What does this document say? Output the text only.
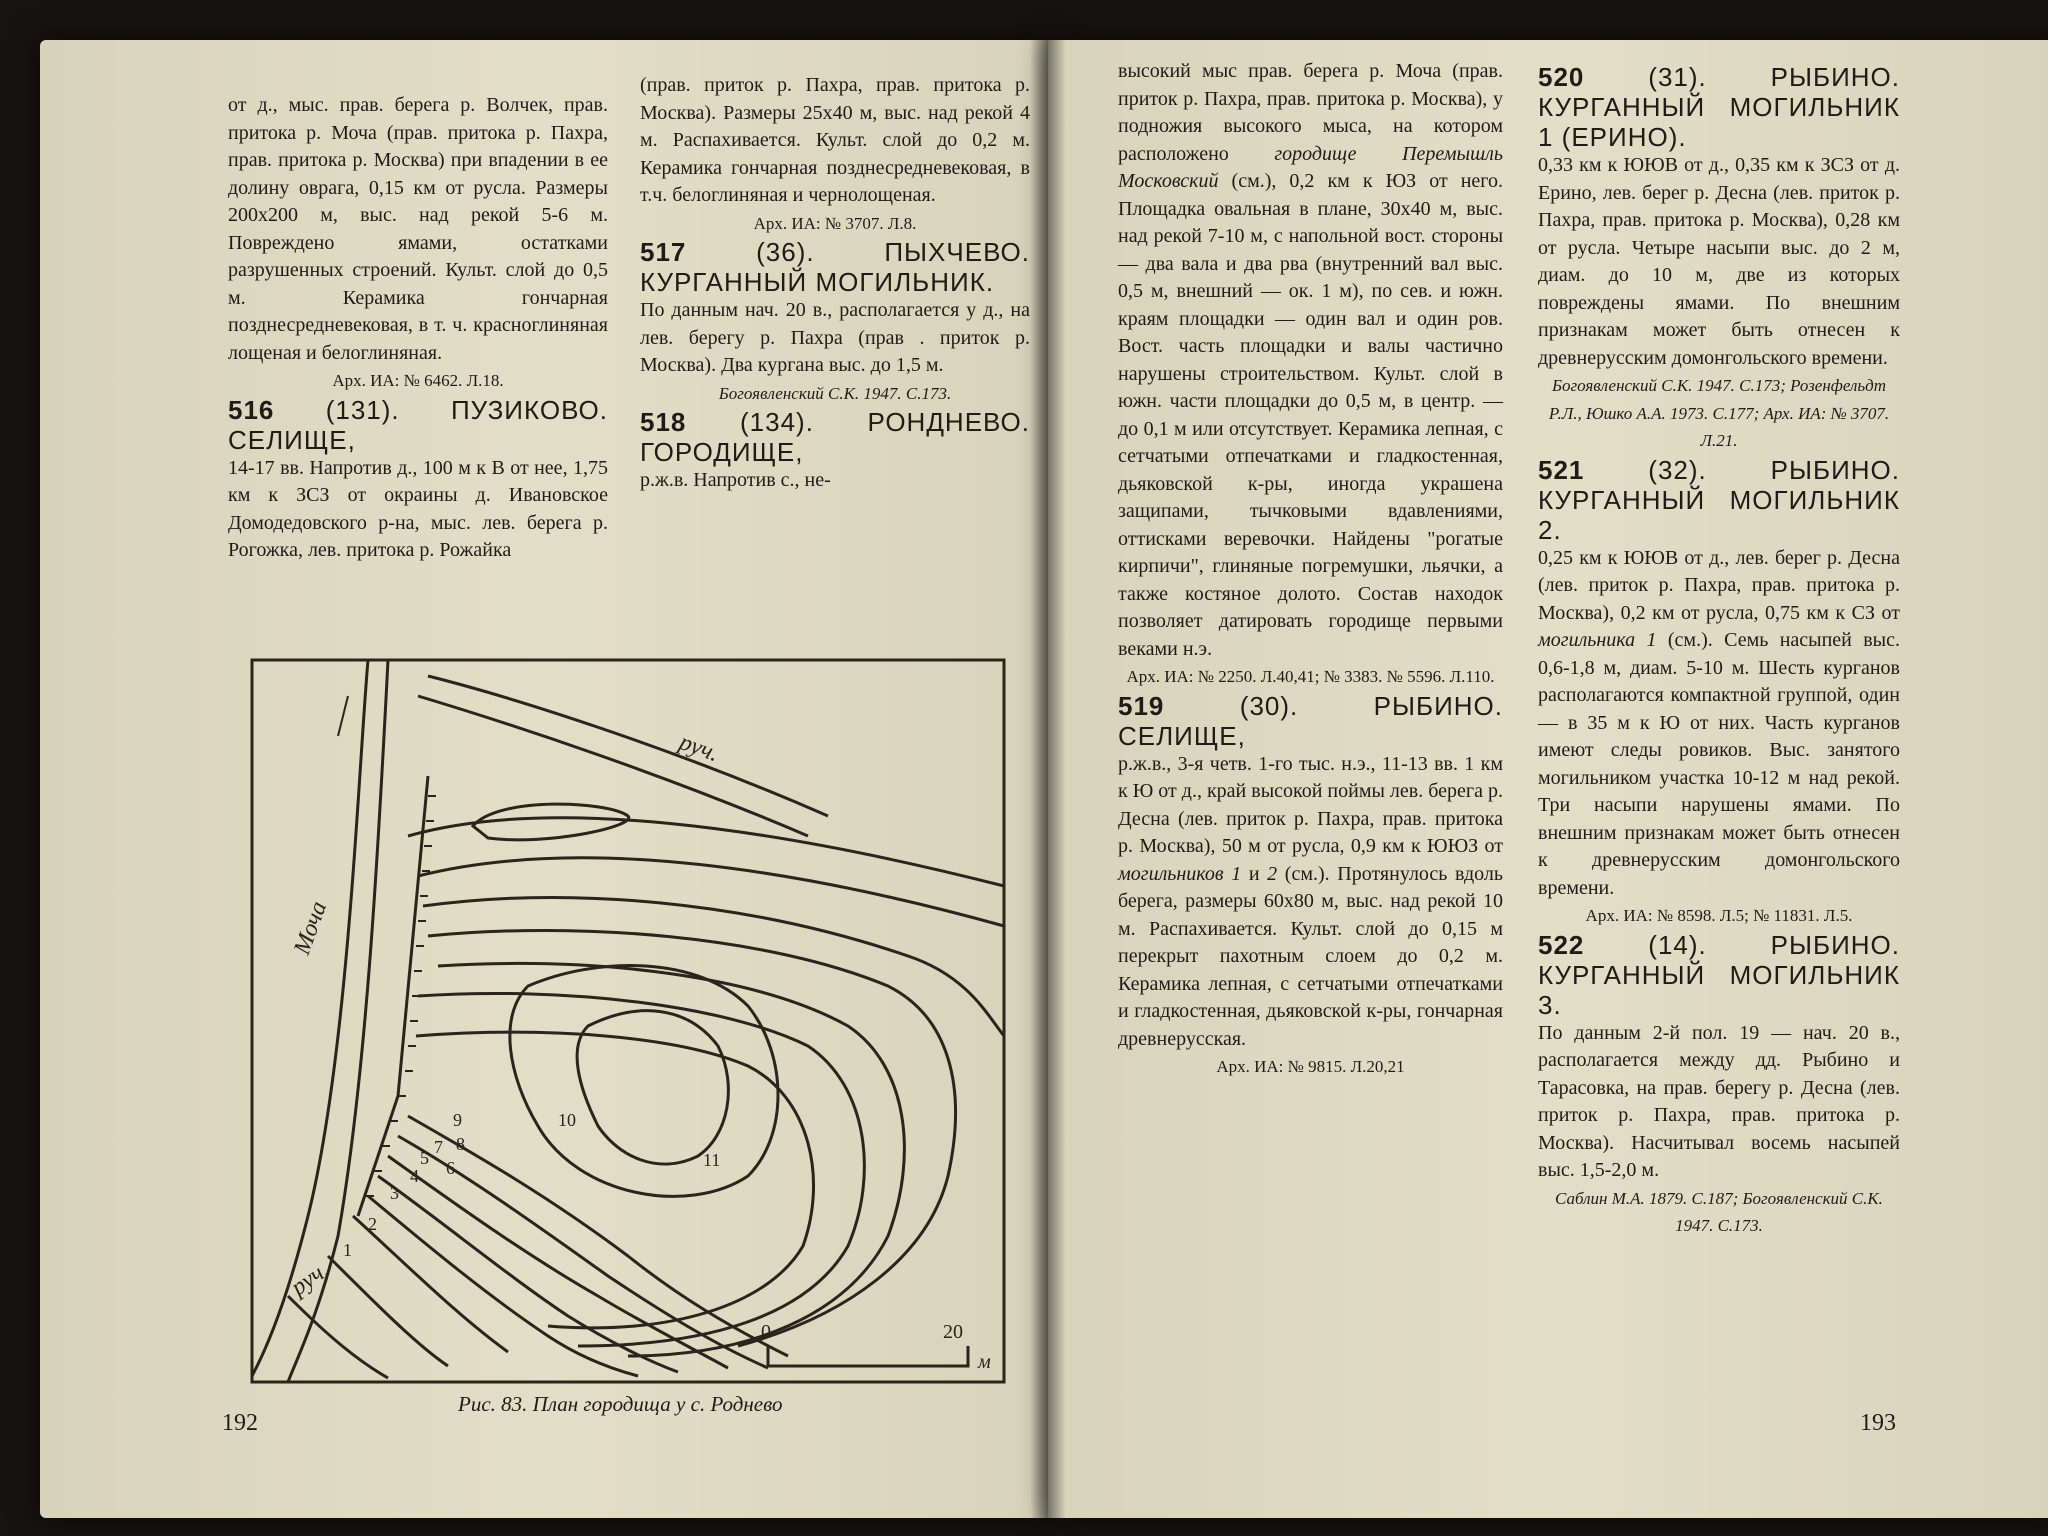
от д., мыс. прав. берега р. Волчек, прав. притока р. Моча (прав. притока р. Пахра, прав. притока р. Москва) при впадении в ее долину оврага, 0,15 км от русла. Размеры 200x200 м, выс. над рекой 5-6 м. Повреждено ямами, остатками разрушенных строений. Культ. слой до 0,5 м. Керамика гончарная позднесредневековая, в т. ч. красноглиняная лощеная и белоглиняная.

Арх. ИА: № 6462. Л.18.

516 (131). ПУЗИКОВО. СЕЛИЩЕ,

14-17 вв. Напротив д., 100 м к В от нее, 1,75 км к ЗСЗ от окраины д. Ивановское Домодедовского р-на, мыс. лев. берега р. Рогожка, лев. притока р. Рожайка

(прав. приток р. Пахра, прав. притока р. Москва). Размеры 25x40 м, выс. над рекой 4 м. Распахивается. Культ. слой до 0,2 м. Керамика гончарная позднесредневековая, в т.ч. белоглиняная и чернолощеная.

Арх. ИА: № 3707. Л.8.

517	(36). ПЫХЧЕВО. КУРГАННЫЙ МОГИЛЬНИК.

По данным нач. 20 в., располагается у д., на лев. берегу р. Пахра (прав . приток р. Москва). Два кургана выс. до 1,5 м.

Богоявленский С.К. 1947. С.173.

518 (134). РОНДНЕВО. ГОРОДИЩЕ,

р.ж.в. Напротив с., не-

руч.
Моча
руч.
1
2
3
4
5 6
7 8
9	10
11
0	20
м
Рис. 83. План городища у с. Роднево
192

высокий мыс прав. берега р. Моча (прав. приток р. Пахра, прав. притока р. Москва), у подножия высокого мыса, на котором расположено городище Перемышль Московский (см.), 0,2 км к ЮЗ от него. Площадка овальная в плане, 30x40 м, выс. над рекой 7-10 м, с напольной вост. стороны — два вала и два рва (внутренний вал выс. 0,5 м, внешний — ок. 1 м), по сев. и южн. краям площадки — один вал и один ров. Вост. часть площадки и валы частично нарушены строительством. Культ. слой в южн. части площадки до 0,5 м, в центр. — до 0,1 м или отсутствует. Керамика лепная, с сетчатыми отпечатками и гладкостенная, дьяковской к-ры, иногда украшена защипами, тычковыми вдавлениями, оттисками веревочки. Найдены "рогатые кирпичи", глиняные погремушки, льячки, а также костяное долото. Состав находок позволяет датировать городище первыми веками н.э.

Арх. ИА: № 2250. Л.40,41; № 3383. № 5596. Л.110.

519	(30). РЫБИНО. СЕЛИЩЕ,

р.ж.в., 3-я четв. 1-го тыс. н.э., 11-13 вв. 1 км к Ю от д., край высокой поймы лев. берега р. Десна (лев. приток р. Пахра, прав. притока р. Москва), 50 м от русла, 0,9 км к ЮЮЗ от могильников 1 и 2 (см.). Протянулось вдоль берега, размеры 60x80 м, выс. над рекой 10 м. Распахивается. Культ. слой до 0,15 м перекрыт пахотным слоем до 0,2 м. Керамика лепная, с сетчатыми отпечатками и гладкостенная, дьяковской к-ры, гончарная древнерусская.

Арх. ИА: № 9815. Л.20,21

520 (31). РЫБИНО. КУРГАННЫЙ МОГИЛЬНИК 1 (ЕРИНО).

0,33 км к ЮЮВ от д., 0,35 км к ЗСЗ от д. Ерино, лев. берег р. Десна (лев. приток р. Пахра, прав. притока р. Москва), 0,28 км от русла. Четыре насыпи выс. до 2 м, диам. до 10 м, две из которых повреждены ямами. По внешним признакам может быть отнесен к древнерусским домонгольского времени.

Богоявленский С.К. 1947. С.173; Розенфельдт Р.Л., Юшко А.А. 1973. С.177; Арх. ИА: № 3707. Л.21.

521 (32). РЫБИНО. КУРГАННЫЙ МОГИЛЬНИК 2.

0,25 км к ЮЮВ от д., лев. берег р. Десна (лев. приток р. Пахра, прав. притока р. Москва), 0,2 км от русла, 0,75 км к СЗ от могильника 1 (см.). Семь насыпей выс. 0,6-1,8 м, диам. 5-10 м. Шесть курганов располагаются компактной группой, один — в 35 м к Ю от них. Часть курганов имеют следы ровиков. Выс. занятого могильником участка 10-12 м над рекой. Три насыпи нарушены ямами. По внешним признакам может быть отнесен к древнерусским домонгольского времени.

Арх. ИА: № 8598. Л.5; № 11831. Л.5.

522 (14). РЫБИНО. КУРГАННЫЙ МОГИЛЬНИК 3.

По данным 2-й пол. 19 — нач. 20 в., располагается между дд. Рыбино и Тарасовка, на прав. берегу р. Десна (лев. приток р. Пахра, прав. притока р. Москва). Насчитывал восемь насыпей выс. 1,5-2,0 м.

Саблин М.А. 1879. С.187; Богоявленский С.К. 1947. С.173.

193
